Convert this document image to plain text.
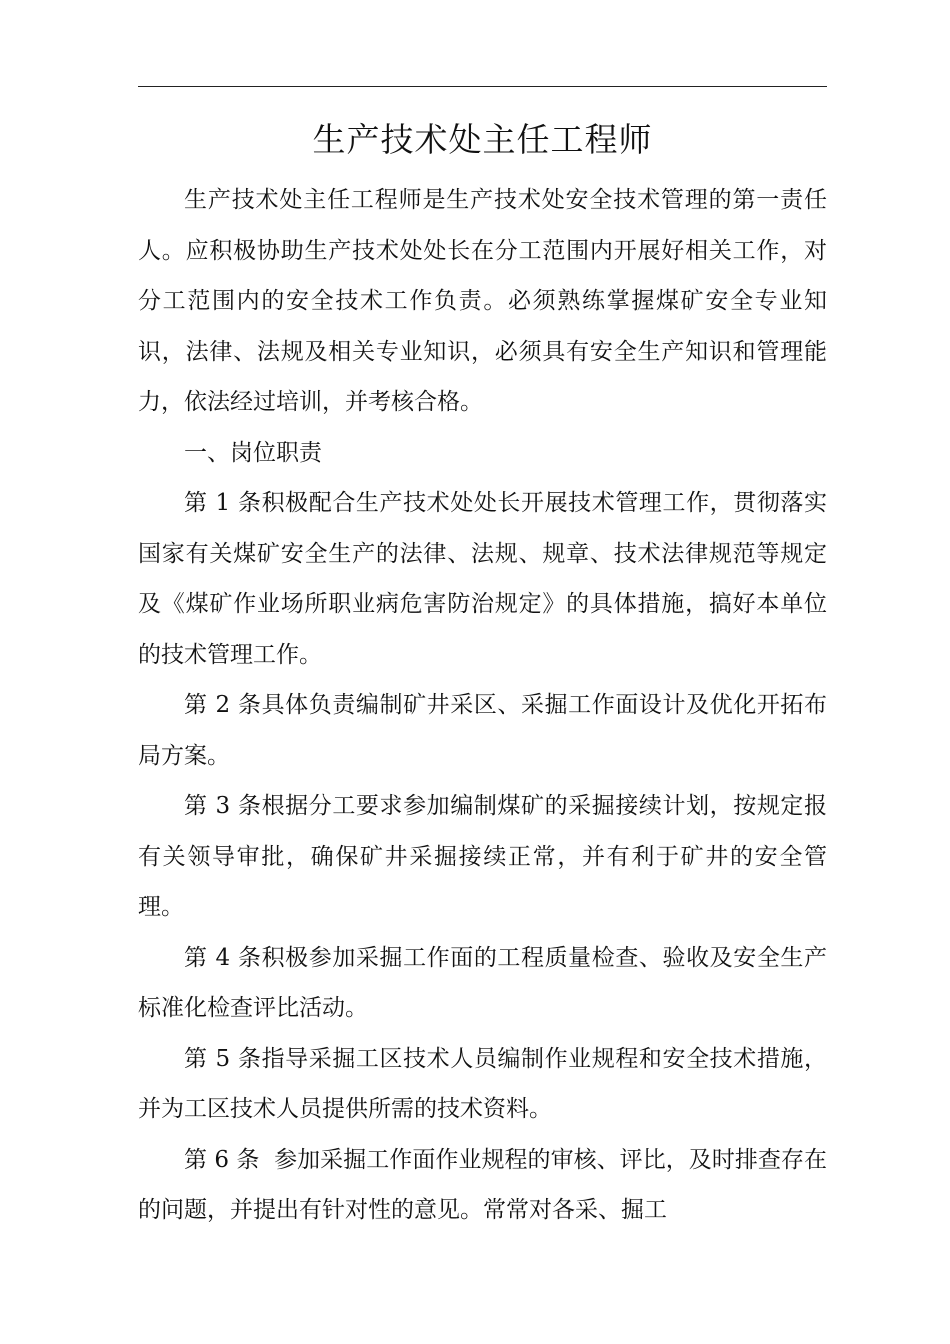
生产技术处主任工程师

生产技术处主任工程师是生产技术处安全技术管理的第一责任人。应积极协助生产技术处处长在分工范围内开展好相关工作，对分工范围内的安全技术工作负责。必须熟练掌握煤矿安全专业知识，法律、法规及相关专业知识，必须具有安全生产知识和管理能力，依法经过培训，并考核合格。

一、岗位职责

第 1 条积极配合生产技术处处长开展技术管理工作，贯彻落实国家有关煤矿安全生产的法律、法规、规章、技术法律规范等规定及《煤矿作业场所职业病危害防治规定》的具体措施，搞好本单位的技术管理工作。

第 2 条具体负责编制矿井采区、采掘工作面设计及优化开拓布局方案。

第 3 条根据分工要求参加编制煤矿的采掘接续计划，按规定报有关领导审批，确保矿井采掘接续正常，并有利于矿井的安全管理。

第 4 条积极参加采掘工作面的工程质量检查、验收及安全生产标准化检查评比活动。

第 5 条指导采掘工区技术人员编制作业规程和安全技术措施，并为工区技术人员提供所需的技术资料。

第 6 条  参加采掘工作面作业规程的审核、评比，及时排查存在的问题，并提出有针对性的意见。常常对各采、掘工
